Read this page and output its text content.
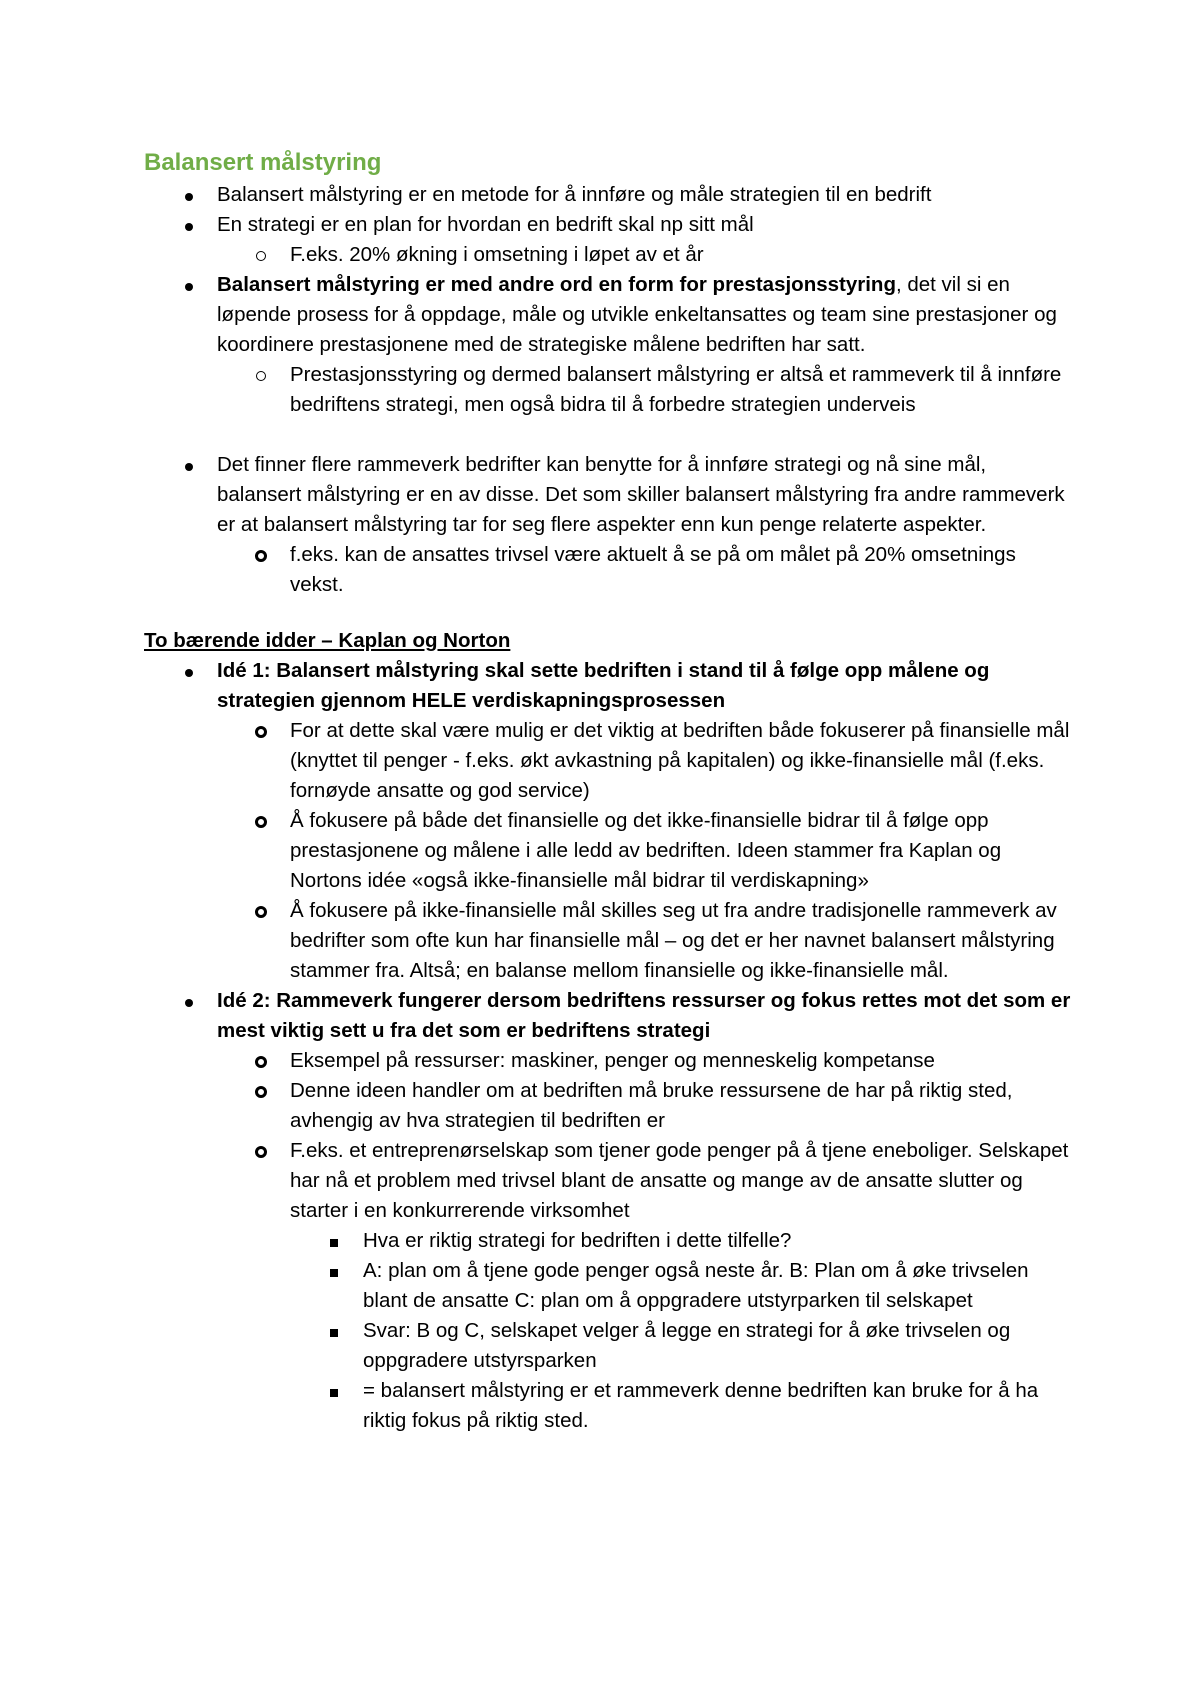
Balansert målstyring
Balansert målstyring er en metode for å innføre og måle strategien til en bedrift
En strategi er en plan for hvordan en bedrift skal np sitt mål
F.eks. 20% økning i omsetning i løpet av et år
Balansert målstyring er med andre ord en form for prestasjonsstyring, det vil si en løpende prosess for å oppdage, måle og utvikle enkeltansattes og team sine prestasjoner og koordinere prestasjonene med de strategiske målene bedriften har satt.
Prestasjonsstyring og dermed balansert målstyring er altså et rammeverk til å innføre bedriftens strategi, men også bidra til å forbedre strategien underveis
Det finner flere rammeverk bedrifter kan benytte for å innføre strategi og nå sine mål, balansert målstyring er en av disse. Det som skiller balansert målstyring fra andre rammeverk er at balansert målstyring tar for seg flere aspekter enn kun penge relaterte aspekter.
f.eks. kan de ansattes trivsel være aktuelt å se på om målet på 20% omsetnings vekst.
To bærende idder – Kaplan og Norton
Idé 1: Balansert målstyring skal sette bedriften i stand til å følge opp målene og strategien gjennom HELE verdiskapningsprosessen
For at dette skal være mulig er det viktig at bedriften både fokuserer på finansielle mål (knyttet til penger - f.eks. økt avkastning på kapitalen) og ikke-finansielle mål (f.eks. fornøyde ansatte og god service)
Å fokusere på både det finansielle og det ikke-finansielle bidrar til å følge opp prestasjonene og målene i alle ledd av bedriften. Ideen stammer fra Kaplan og Nortons idée «også ikke-finansielle mål bidrar til verdiskapning»
Å fokusere på ikke-finansielle mål skilles seg ut fra andre tradisjonelle rammeverk av bedrifter som ofte kun har finansielle mål – og det er her navnet balansert målstyring stammer fra. Altså; en balanse mellom finansielle og ikke-finansielle mål.
Idé 2: Rammeverk fungerer dersom bedriftens ressurser og fokus rettes mot det som er mest viktig sett u fra det som er bedriftens strategi
Eksempel på ressurser: maskiner, penger og menneskelig kompetanse
Denne ideen handler om at bedriften må bruke ressursene de har på riktig sted, avhengig av hva strategien til bedriften er
F.eks. et entreprenørselskap som tjener gode penger på å tjene eneboliger. Selskapet har nå et problem med trivsel blant de ansatte og mange av de ansatte slutter og starter i en konkurrerende virksomhet
Hva er riktig strategi for bedriften i dette tilfelle?
A: plan om å tjene gode penger også neste år. B: Plan om å øke trivselen blant de ansatte C: plan om å oppgradere utstyrparken til selskapet
Svar: B og C, selskapet velger å legge en strategi for å øke trivselen og oppgradere utstyrsparken
= balansert målstyring er et rammeverk denne bedriften kan bruke for å ha riktig fokus på riktig sted.
